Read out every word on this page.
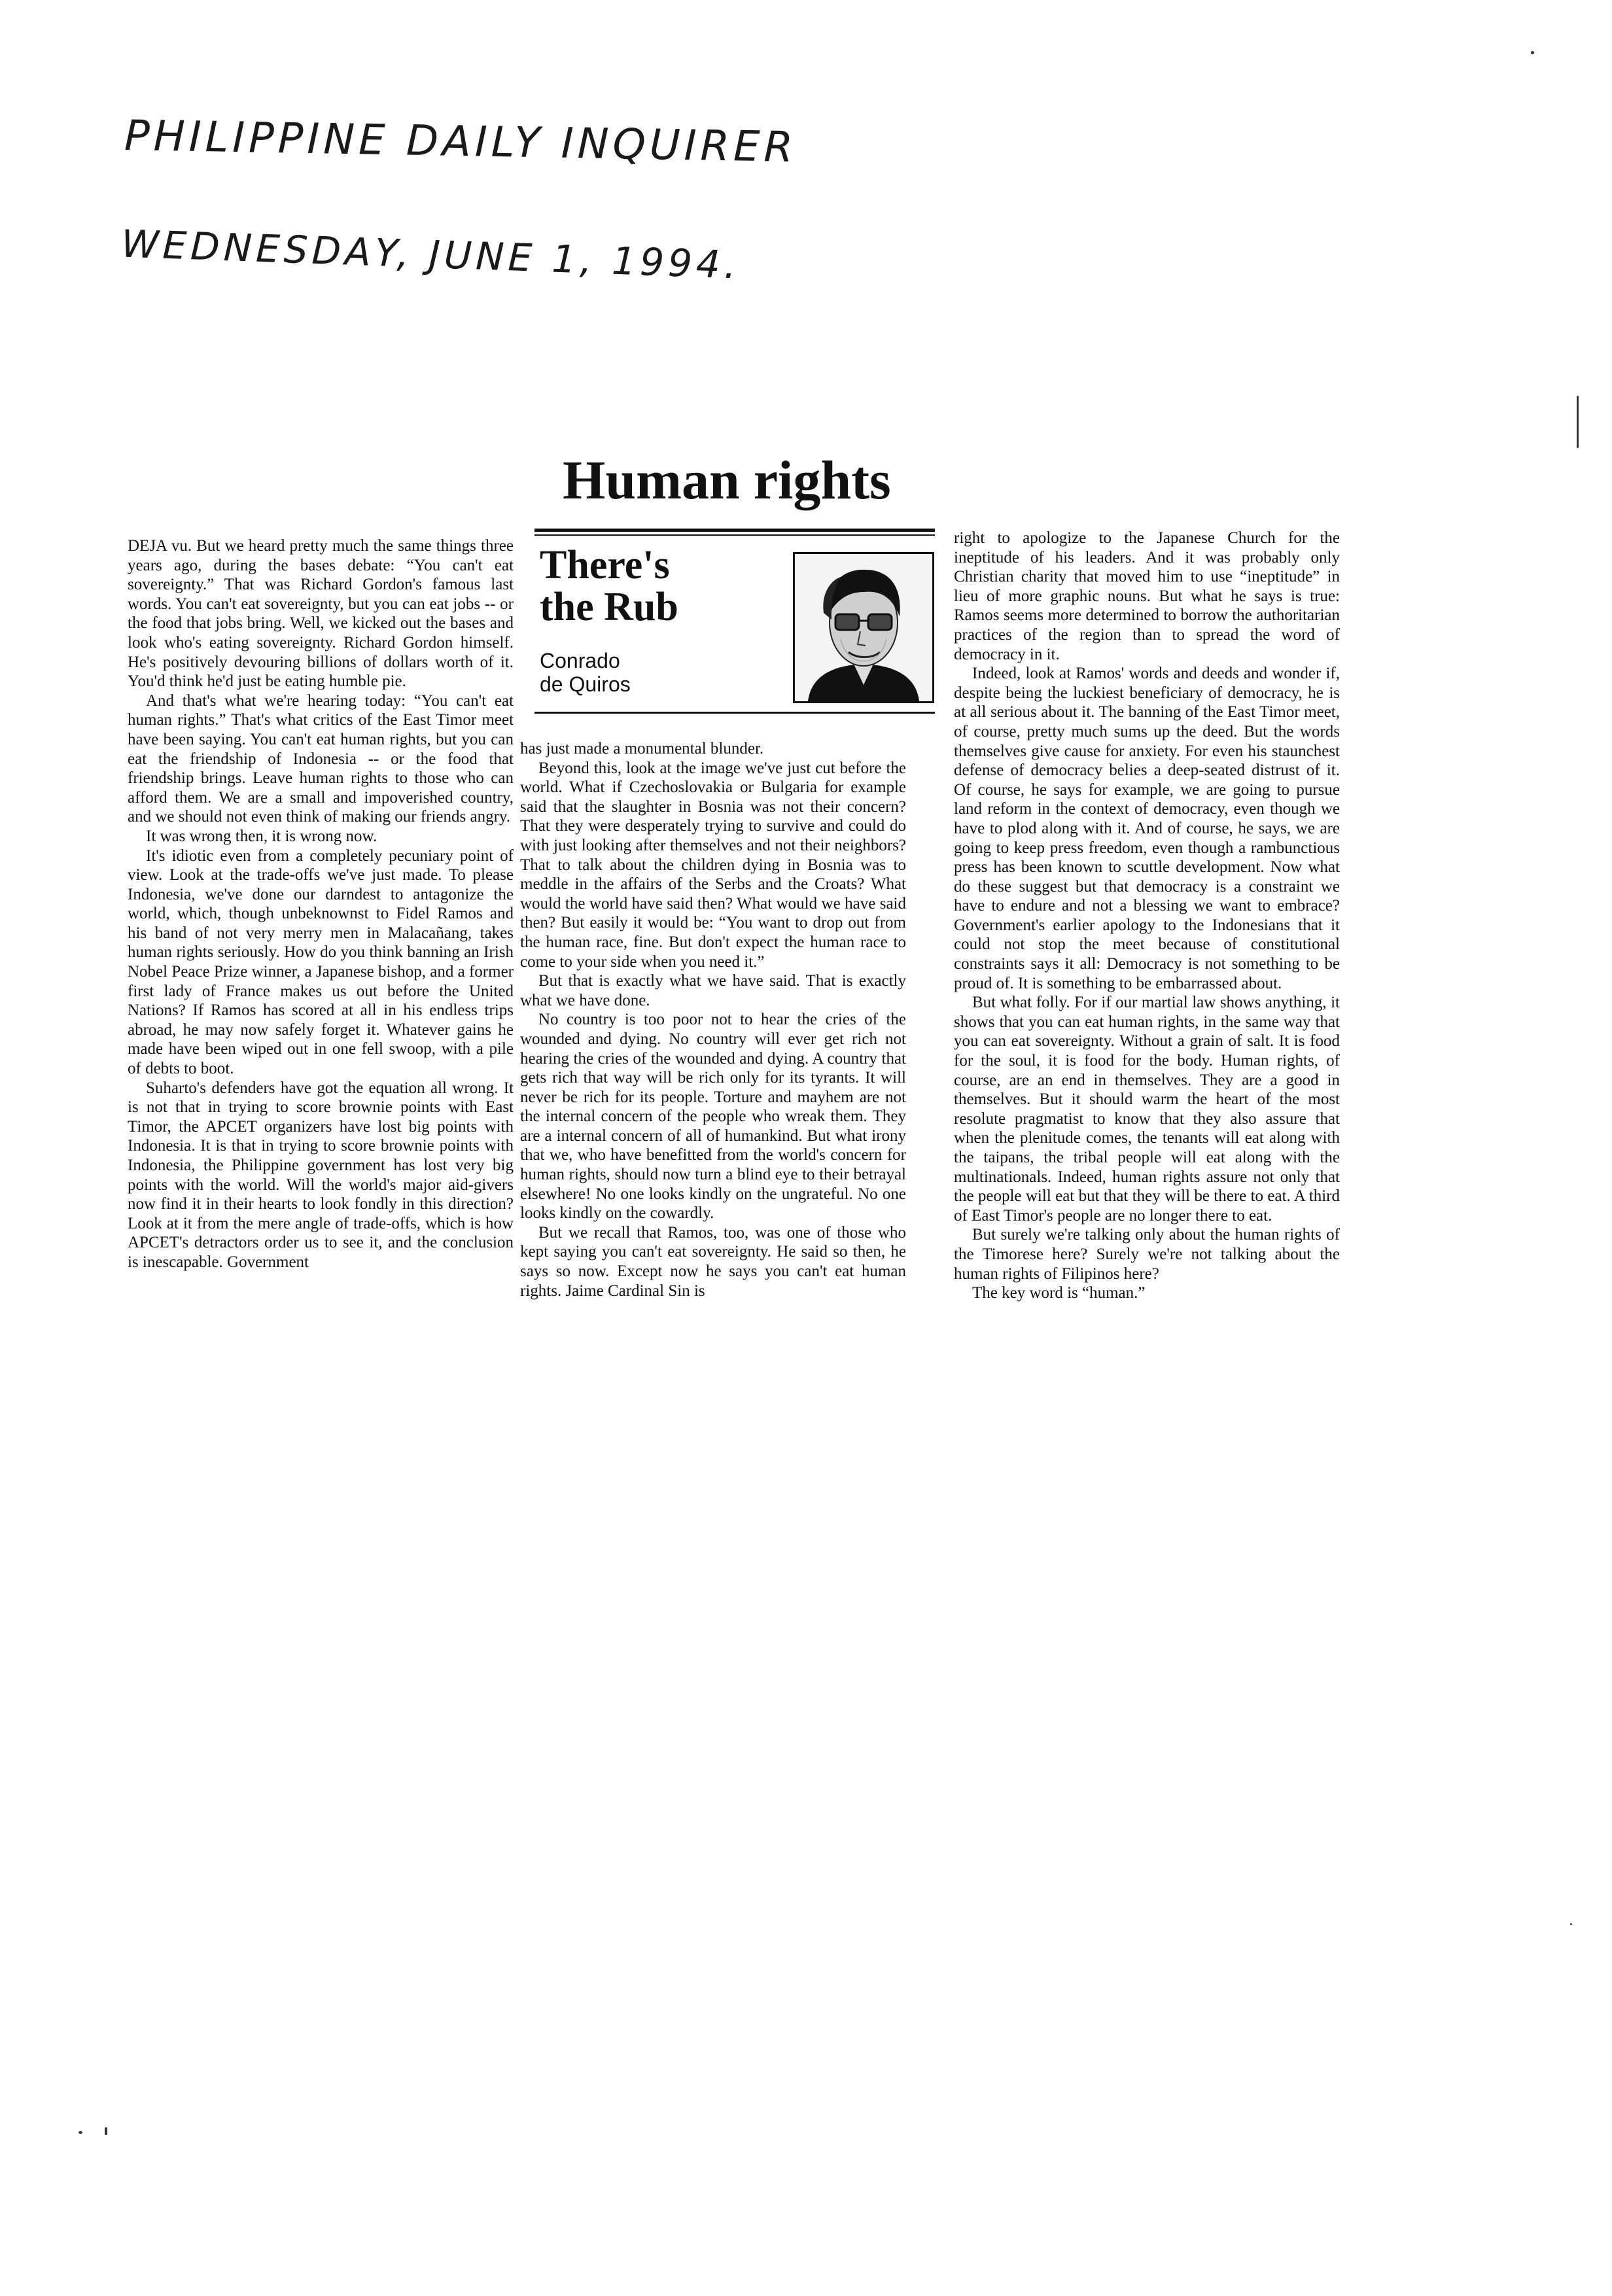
PHILIPPINE DAILY INQUIRER
WEDNESDAY, JUNE 1, 1994.
Human rights

DEJA vu. But we heard pretty much the same things three years ago, during the bases debate: “You can't eat sovereignty.” That was Richard Gordon's famous last words. You can't eat sovereignty, but you can eat jobs -- or the food that jobs bring. Well, we kicked out the bases and look who's eating sovereignty. Richard Gordon himself. He's positively devouring billions of dollars worth of it. You'd think he'd just be eating humble pie.

And that's what we're hearing today: “You can't eat human rights.” That's what critics of the East Timor meet have been saying. You can't eat human rights, but you can eat the friendship of Indonesia -- or the food that friendship brings. Leave human rights to those who can afford them. We are a small and impoverished country, and we should not even think of making our friends angry.

It was wrong then, it is wrong now.

It's idiotic even from a completely pecuniary point of view. Look at the trade-offs we've just made. To please Indonesia, we've done our darndest to antagonize the world, which, though unbeknownst to Fidel Ramos and his band of not very merry men in Malacañang, takes human rights seriously. How do you think banning an Irish Nobel Peace Prize winner, a Japanese bishop, and a former first lady of France makes us out before the United Nations? If Ramos has scored at all in his endless trips abroad, he may now safely forget it. Whatever gains he made have been wiped out in one fell swoop, with a pile of debts to boot.

Suharto's defenders have got the equation all wrong. It is not that in trying to score brownie points with East Timor, the APCET organizers have lost big points with Indonesia. It is that in trying to score brownie points with Indonesia, the Philippine government has lost very big points with the world. Will the world's major aid-givers now find it in their hearts to look fondly in this direction? Look at it from the mere angle of trade-offs, which is how APCET's detractors order us to see it, and the conclusion is inescapable. Government

There's
the Rub
Conrado
de Quiros

has just made a monumental blunder.

Beyond this, look at the image we've just cut before the world. What if Czechoslovakia or Bulgaria for example said that the slaughter in Bosnia was not their concern? That they were desperately trying to survive and could do with just looking after themselves and not their neighbors? That to talk about the children dying in Bosnia was to meddle in the affairs of the Serbs and the Croats? What would the world have said then? What would we have said then? But easily it would be: “You want to drop out from the human race, fine. But don't expect the human race to come to your side when you need it.”

But that is exactly what we have said. That is exactly what we have done.

No country is too poor not to hear the cries of the wounded and dying. No country will ever get rich not hearing the cries of the wounded and dying. A country that gets rich that way will be rich only for its tyrants. It will never be rich for its people. Torture and mayhem are not the internal concern of the people who wreak them. They are a internal concern of all of humankind. But what irony that we, who have benefitted from the world's concern for human rights, should now turn a blind eye to their betrayal elsewhere! No one looks kindly on the ungrateful. No one looks kindly on the cowardly.

But we recall that Ramos, too, was one of those who kept saying you can't eat sovereignty. He said so then, he says so now. Except now he says you can't eat human rights. Jaime Cardinal Sin is

right to apologize to the Japanese Church for the ineptitude of his leaders. And it was probably only Christian charity that moved him to use “ineptitude” in lieu of more graphic nouns. But what he says is true: Ramos seems more determined to borrow the authoritarian practices of the region than to spread the word of democracy in it.

Indeed, look at Ramos' words and deeds and wonder if, despite being the luckiest beneficiary of democracy, he is at all serious about it. The banning of the East Timor meet, of course, pretty much sums up the deed. But the words themselves give cause for anxiety. For even his staunchest defense of democracy belies a deep-seated distrust of it. Of course, he says for example, we are going to pursue land reform in the context of democracy, even though we have to plod along with it. And of course, he says, we are going to keep press freedom, even though a rambunctious press has been known to scuttle development. Now what do these suggest but that democracy is a constraint we have to endure and not a blessing we want to embrace? Government's earlier apology to the Indonesians that it could not stop the meet because of constitutional constraints says it all: Democracy is not something to be proud of. It is something to be embarrassed about.

But what folly. For if our martial law shows anything, it shows that you can eat human rights, in the same way that you can eat sovereignty. Without a grain of salt. It is food for the soul, it is food for the body. Human rights, of course, are an end in themselves. They are a good in themselves. But it should warm the heart of the most resolute pragmatist to know that they also assure that when the plenitude comes, the tenants will eat along with the taipans, the tribal people will eat along with the multinationals. Indeed, human rights assure not only that the people will eat but that they will be there to eat. A third of East Timor's people are no longer there to eat.

But surely we're talking only about the human rights of the Timorese here? Surely we're not talking about the human rights of Filipinos here?

The key word is “human.”
